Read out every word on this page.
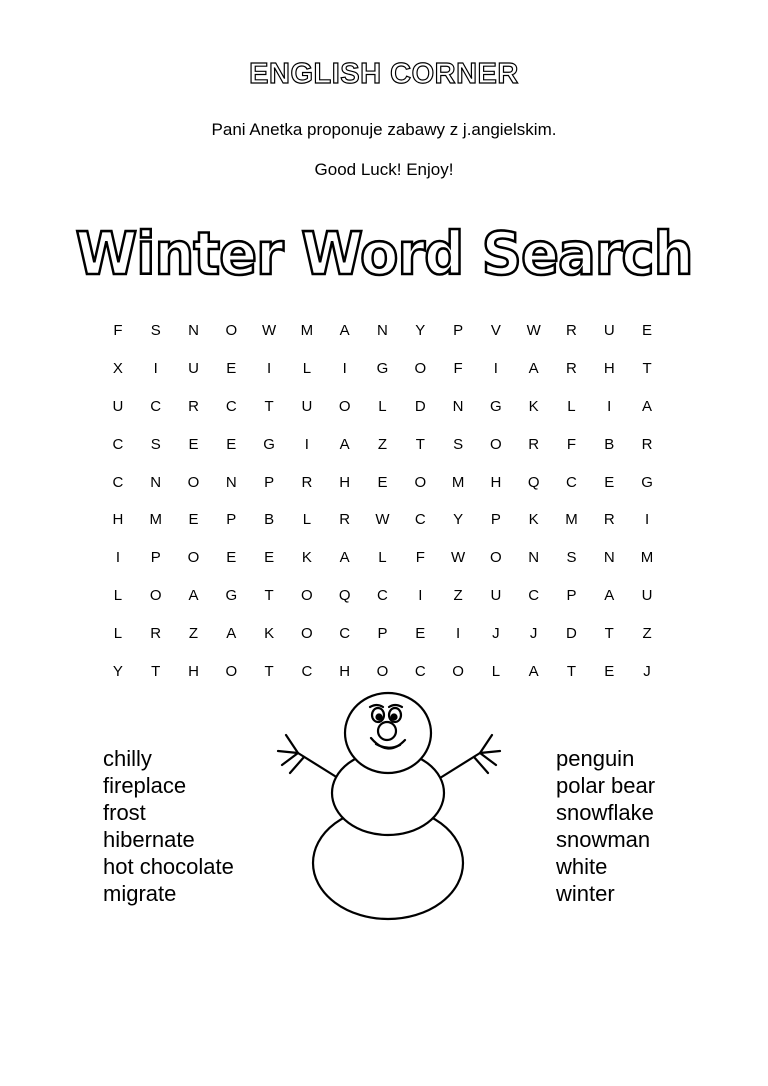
ENGLISH CORNER
Pani Anetka proponuje zabawy z j.angielskim.
Good Luck! Enjoy!
Winter Word Search
F	S	N	O	W	M	A	N	Y	P	V	W	R	U	E
X	I	U	E	I	L	I	G	O	F	I	A	R	H	T
U	C	R	C	T	U	O	L	D	N	G	K	L	I	A
C	S	E	E	G	I	A	Z	T	S	O	R	F	B	R
C	N	O	N	P	R	H	E	O	M	H	Q	C	E	G
H	M	E	P	B	L	R	W	C	Y	P	K	M	R	I
I	P	O	E	E	K	A	L	F	W	O	N	S	N	M
L	O	A	G	T	O	Q	C	I	Z	U	C	P	A	U
L	R	Z	A	K	O	C	P	E	I	J	J	D	T	Z
Y	T	H	O	T	C	H	O	C	O	L	A	T	E	J
chilly
fireplace
frost
hibernate
hot chocolate
migrate
penguin
polar bear
snowflake
snowman
white
winter
